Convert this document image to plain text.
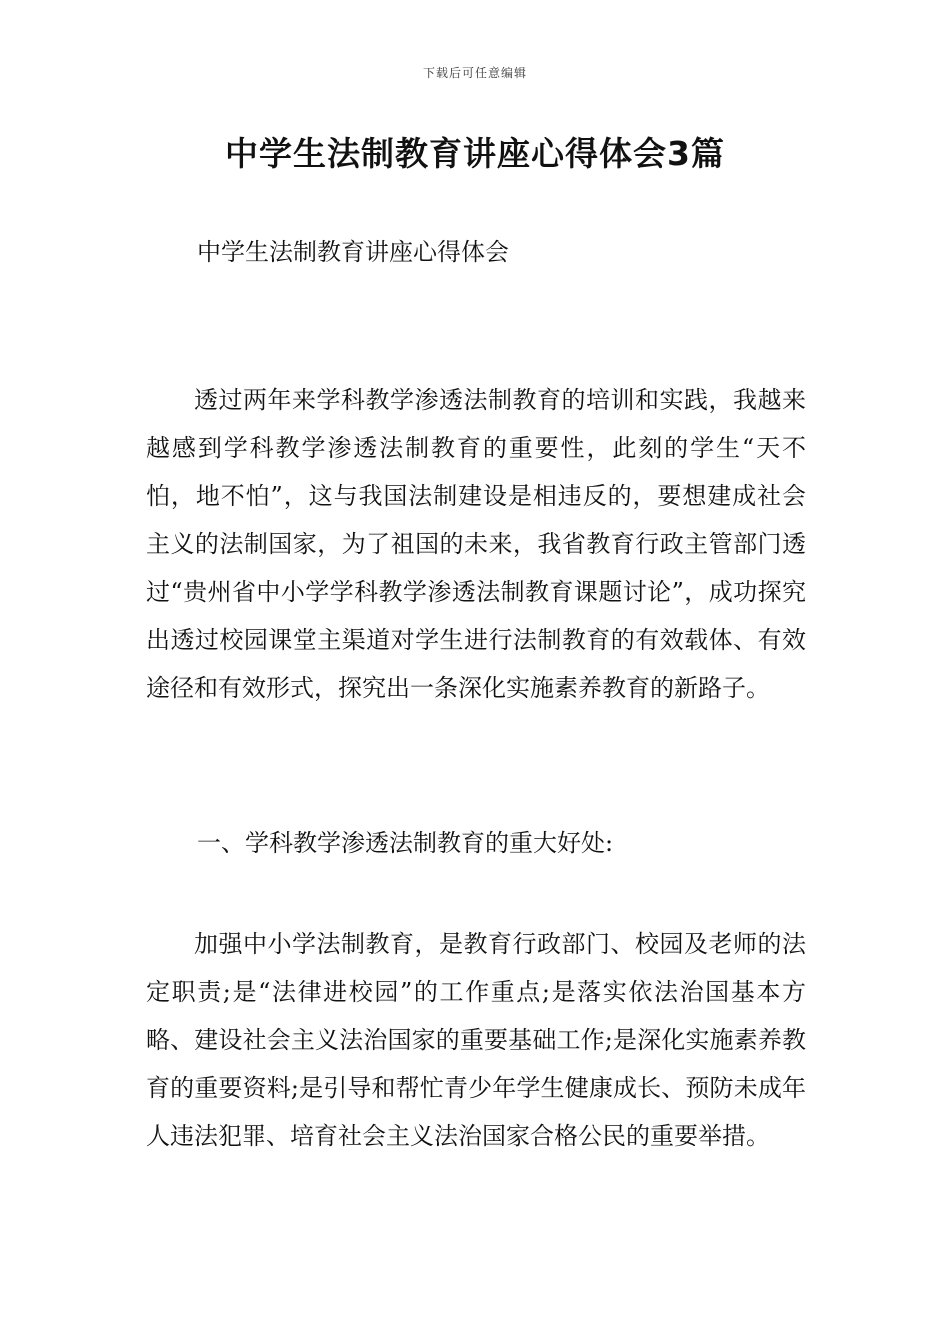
下载后可任意编辑
中学生法制教育讲座心得体会3篇

中学生法制教育讲座心得体会

透过两年来学科教学渗透法制教育的培训和实践，我越来越感到学科教学渗透法制教育的重要性，此刻的学生“天不怕，地不怕”，这与我国法制建设是相违反的，要想建成社会主义的法制国家，为了祖国的未来，我省教育行政主管部门透过“贵州省中小学学科教学渗透法制教育课题讨论”，成功探究出透过校园课堂主渠道对学生进行法制教育的有效载体、有效途径和有效形式，探究出一条深化实施素养教育的新路子。

一、学科教学渗透法制教育的重大好处:

加强中小学法制教育，是教育行政部门、校园及老师的法定职责;是“法律进校园”的工作重点;是落实依法治国基本方略、建设社会主义法治国家的重要基础工作;是深化实施素养教育的重要资料;是引导和帮忙青少年学生健康成长、预防未成年人违法犯罪、培育社会主义法治国家合格公民的重要举措。
